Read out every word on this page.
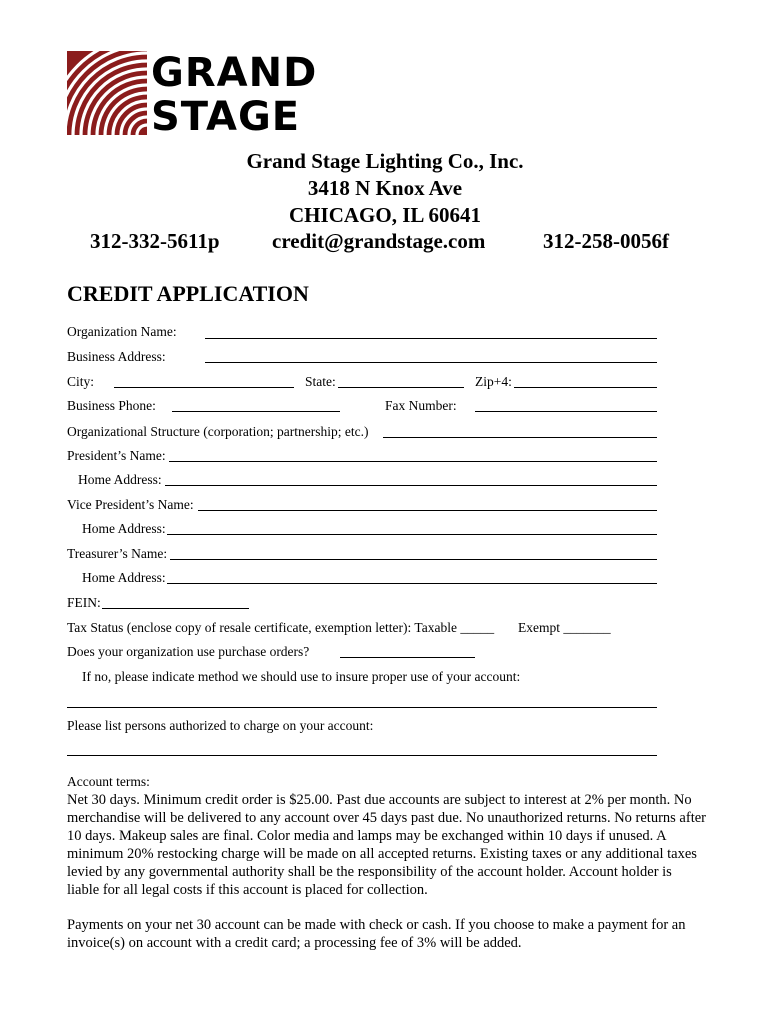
GRAND
STAGE
Grand Stage Lighting Co., Inc.
3418 N Knox Ave
CHICAGO, IL 60641
312-332-5611p credit@grandstage.com	312-258-0056f
CREDIT APPLICATION
Organization Name:
Business Address:
City:	State:	Zip+4:
Business Phone:	Fax Number:
Organizational Structure (corporation; partnership; etc.)
President’s Name:
Home Address:
Vice President’s Name:
Home Address:
Treasurer’s Name:
Home Address:
FEIN:
Tax Status (enclose copy of resale certificate, exemption letter): Taxable _____ Exempt _______
Does your organization use purchase orders?
If no, please indicate method we should use to insure proper use of your account:
Please list persons authorized to charge on your account:
Account terms:
Net 30 days. Minimum credit order is $25.00. Past due accounts are subject to interest at 2% per month. No merchandise will be delivered to any account over 45 days past due. No unauthorized returns. No returns after 10 days. Makeup sales are final. Color media and lamps may be exchanged within 10 days if unused. A minimum 20% restocking charge will be made on all accepted returns. Existing taxes or any additional taxes levied by any governmental authority shall be the responsibility of the account holder. Account holder is liable for all legal costs if this account is placed for collection.
Payments on your net 30 account can be made with check or cash. If you choose to make a payment for an invoice(s) on account with a credit card; a processing fee of 3% will be added.
